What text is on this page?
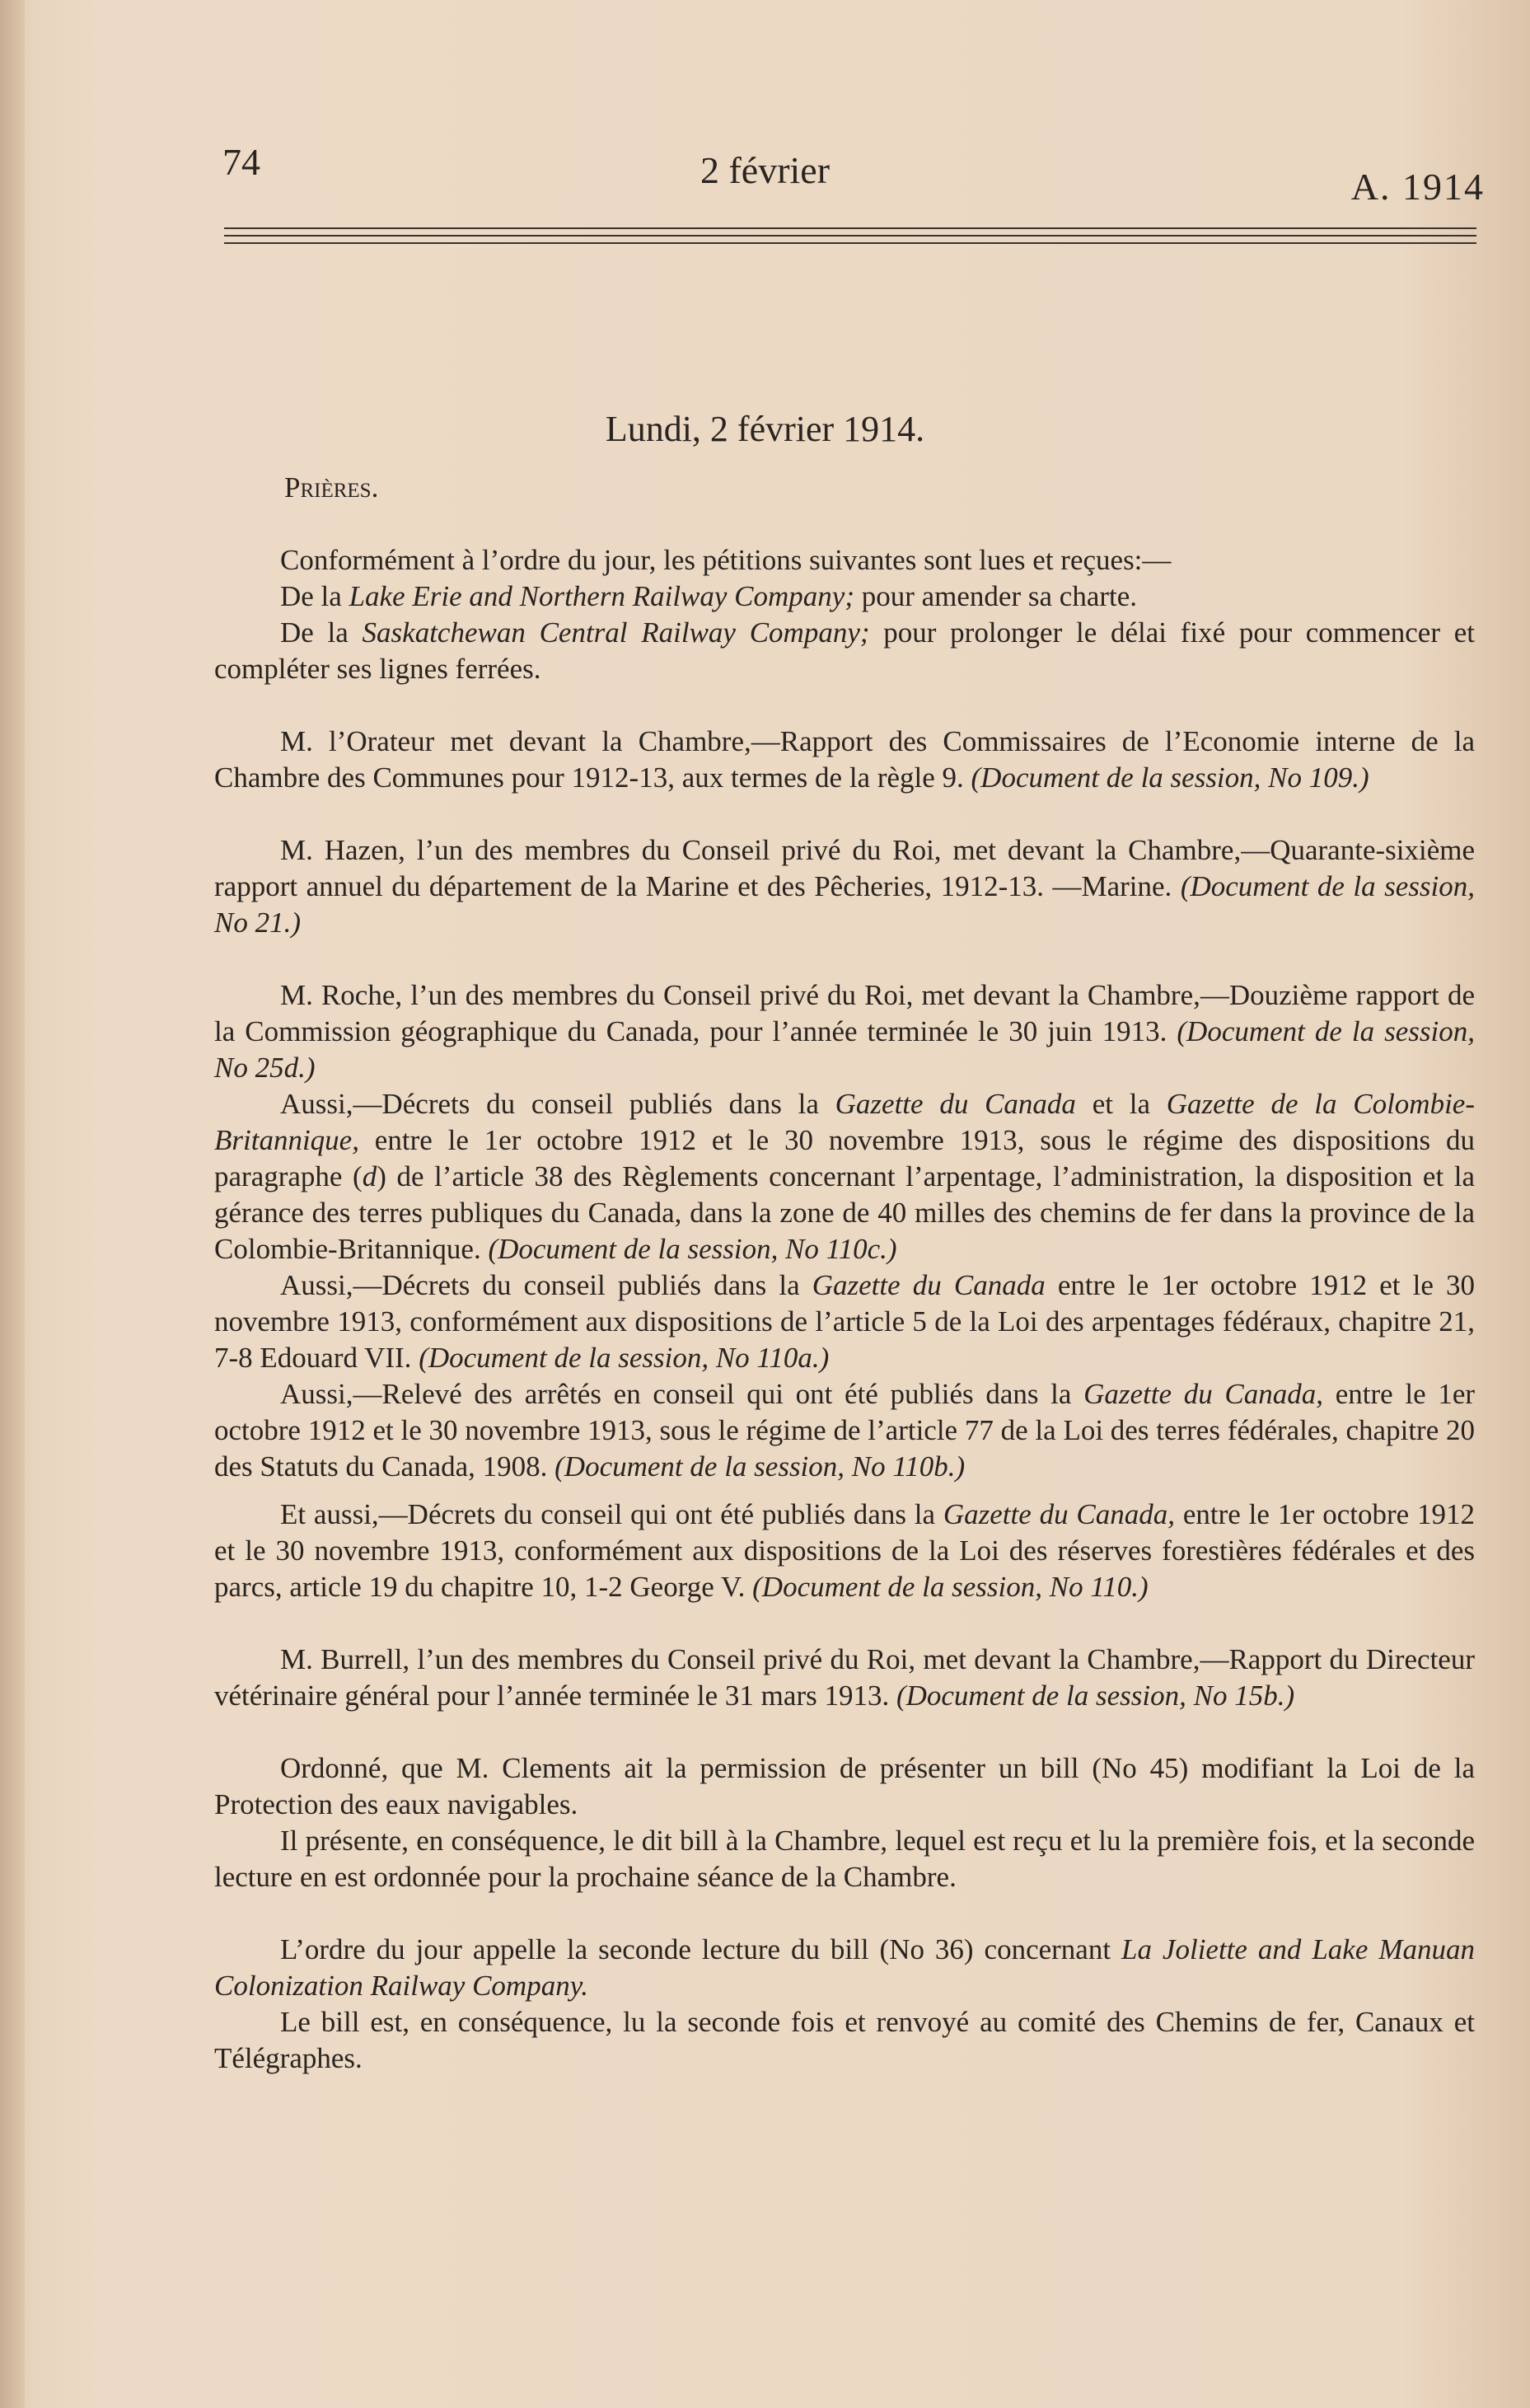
74	2 février	A. 1914
Lundi, 2 février 1914.

Prières.

Conformément à l’ordre du jour, les pétitions suivantes sont lues et reçues:—

De la Lake Erie and Northern Railway Company; pour amender sa charte.

De la Saskatchewan Central Railway Company; pour prolonger le délai fixé pour commencer et compléter ses lignes ferrées.

M. l’Orateur met devant la Chambre,—Rapport des Commissaires de l’Economie interne de la Chambre des Communes pour 1912-13, aux termes de la règle 9. (Document de la session, No 109.)

M. Hazen, l’un des membres du Conseil privé du Roi, met devant la Chambre,—Quarante-sixième rapport annuel du département de la Marine et des Pêcheries, 1912-13. —Marine. (Document de la session, No 21.)

M. Roche, l’un des membres du Conseil privé du Roi, met devant la Chambre,—Douzième rapport de la Commission géographique du Canada, pour l’année terminée le 30 juin 1913. (Document de la session, No 25d.)

Aussi,—Décrets du conseil publiés dans la Gazette du Canada et la Gazette de la Colombie-Britannique, entre le 1er octobre 1912 et le 30 novembre 1913, sous le régime des dispositions du paragraphe (d) de l’article 38 des Règlements concernant l’arpentage, l’administration, la disposition et la gérance des terres publiques du Canada, dans la zone de 40 milles des chemins de fer dans la province de la Colombie-Britannique. (Document de la session, No 110c.)

Aussi,—Décrets du conseil publiés dans la Gazette du Canada entre le 1er octobre 1912 et le 30 novembre 1913, conformément aux dispositions de l’article 5 de la Loi des arpentages fédéraux, chapitre 21, 7-8 Edouard VII. (Document de la session, No 110a.)

Aussi,—Relevé des arrêtés en conseil qui ont été publiés dans la Gazette du Canada, entre le 1er octobre 1912 et le 30 novembre 1913, sous le régime de l’article 77 de la Loi des terres fédérales, chapitre 20 des Statuts du Canada, 1908. (Document de la session, No 110b.)

Et aussi,—Décrets du conseil qui ont été publiés dans la Gazette du Canada, entre le 1er octobre 1912 et le 30 novembre 1913, conformément aux dispositions de la Loi des réserves forestières fédérales et des parcs, article 19 du chapitre 10, 1-2 George V. (Document de la session, No 110.)

M. Burrell, l’un des membres du Conseil privé du Roi, met devant la Chambre,—Rapport du Directeur vétérinaire général pour l’année terminée le 31 mars 1913. (Document de la session, No 15b.)

Ordonné, que M. Clements ait la permission de présenter un bill (No 45) modifiant la Loi de la Protection des eaux navigables.

Il présente, en conséquence, le dit bill à la Chambre, lequel est reçu et lu la première fois, et la seconde lecture en est ordonnée pour la prochaine séance de la Chambre.

L’ordre du jour appelle la seconde lecture du bill (No 36) concernant La Joliette and Lake Manuan Colonization Railway Company.

Le bill est, en conséquence, lu la seconde fois et renvoyé au comité des Chemins de fer, Canaux et Télégraphes.
